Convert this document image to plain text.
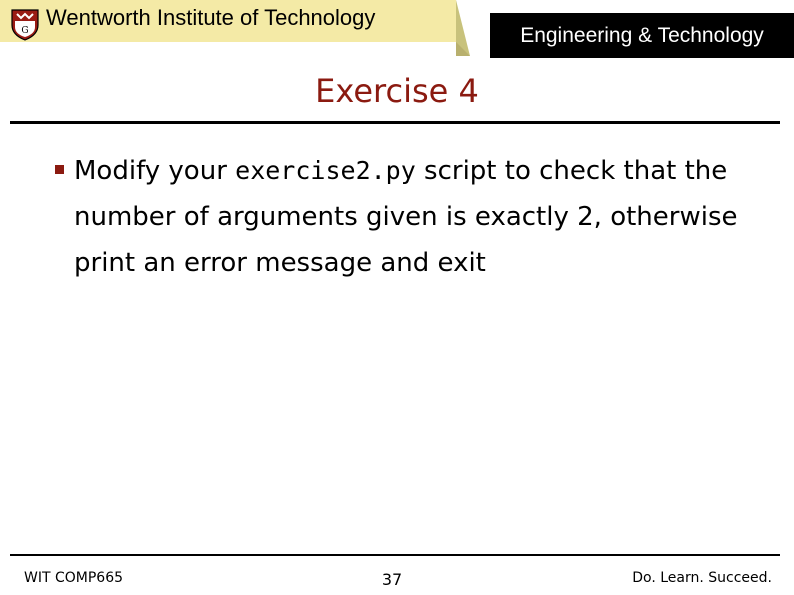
G
Wentworth Institute of Technology
Engineering & Technology
Exercise 4
Modify your exercise2.py script to check that the number of arguments given is exactly 2, otherwise print an error message and exit
WIT COMP665	37	Do. Learn. Succeed.
